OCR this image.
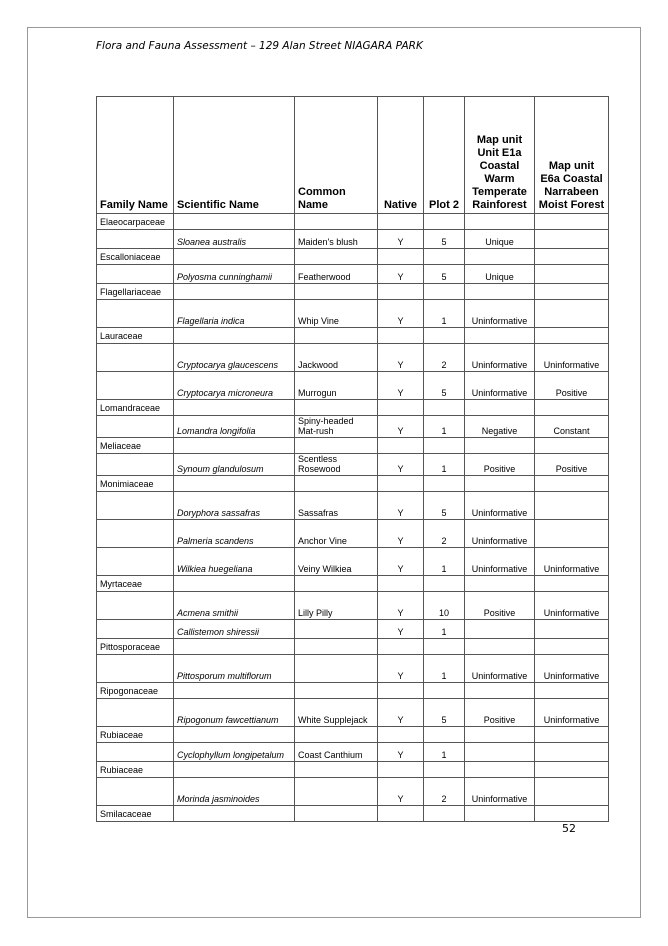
Flora and Fauna Assessment – 129 Alan Street NIAGARA PARK
Family Name	Scientific Name	Common Name	Native	Plot 2	Map unit Unit E1a Coastal Warm Temperate Rainforest	Map unit E6a Coastal Narrabeen Moist Forest
Elaeocarpaceae						
	Sloanea australis	Maiden's blush	Y	5	Unique	
Escalloniaceae						
	Polyosma cunninghamii	Featherwood	Y	5	Unique	
Flagellariaceae						
	Flagellaria indica	Whip Vine	Y	1	Uninformative	
Lauraceae						
	Cryptocarya glaucescens	Jackwood	Y	2	Uninformative	Uninformative
	Cryptocarya microneura	Murrogun	Y	5	Uninformative	Positive
Lomandraceae						
	Lomandra longifolia	Spiny-headed Mat-rush	Y	1	Negative	Constant
Meliaceae						
	Synoum glandulosum	Scentless Rosewood	Y	1	Positive	Positive
Monimiaceae						
	Doryphora sassafras	Sassafras	Y	5	Uninformative	
	Palmeria scandens	Anchor Vine	Y	2	Uninformative	
	Wilkiea huegeliana	Veiny Wilkiea	Y	1	Uninformative	Uninformative
Myrtaceae						
	Acmena smithii	Lilly Pilly	Y	10	Positive	Uninformative
	Callistemon shiressii		Y	1		
Pittosporaceae						
	Pittosporum multiflorum		Y	1	Uninformative	Uninformative
Ripogonaceae						
	Ripogonum fawcettianum	White Supplejack	Y	5	Positive	Uninformative
Rubiaceae						
	Cyclophyllum longipetalum	Coast Canthium	Y	1		
Rubiaceae						
	Morinda jasminoides		Y	2	Uninformative	
Smilacaceae						
52
